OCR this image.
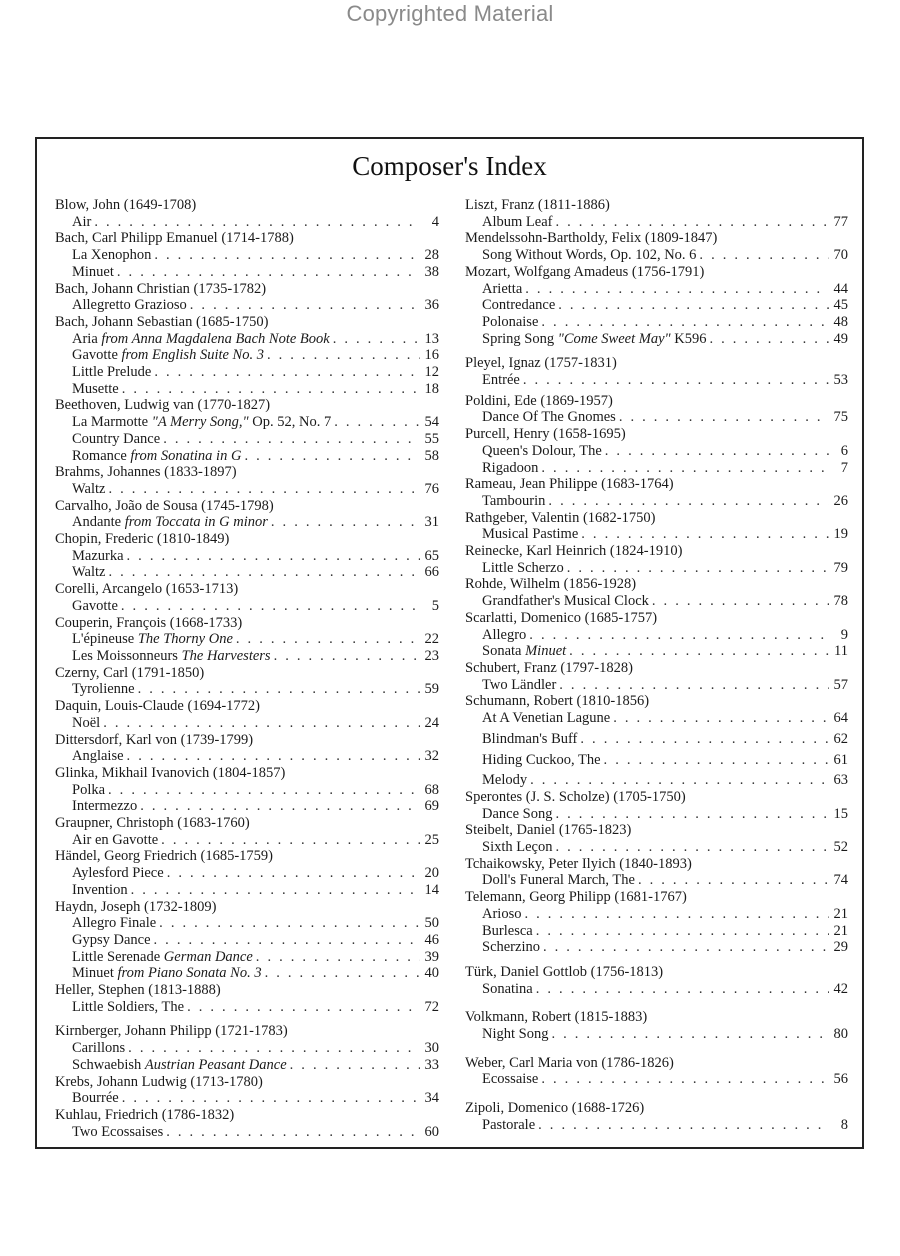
Copyrighted Material
Composer's Index
Blow, John (1649-1708)
Air . . .	4
Bach, Carl Philipp Emanuel (1714-1788)
La Xenophon . . .	28
Minuet . . .	38
Bach, Johann Christian (1735-1782)
Allegretto Grazioso . . .	36
Bach, Johann Sebastian (1685-1750)
Aria from Anna Magdalena Bach Note Book . . .	13
Gavotte from English Suite No. 3 . . .	16
Little Prelude . . .	12
Musette . . .	18
Beethoven, Ludwig van (1770-1827)
La Marmotte "A Merry Song," Op. 52, No. 7 . . .	54
Country Dance . . .	55
Romance from Sonatina in G . . .	58
Brahms, Johannes (1833-1897)
Waltz . . .	76
Carvalho, João de Sousa (1745-1798)
Andante from Toccata in G minor . . .	31
Chopin, Frederic (1810-1849)
Mazurka . . .	65
Waltz . . .	66
Corelli, Arcangelo (1653-1713)
Gavotte . . .	5
Couperin, François (1668-1733)
L'épineuse The Thorny One . . .	22
Les Moissonneurs The Harvesters . . .	23
Czerny, Carl (1791-1850)
Tyrolienne . . .	59
Daquin, Louis-Claude (1694-1772)
Noël . . .	24
Dittersdorf, Karl von (1739-1799)
Anglaise . . .	32
Glinka, Mikhail Ivanovich (1804-1857)
Polka . . .	68
Intermezzo . . .	69
Graupner, Christoph (1683-1760)
Air en Gavotte . . .	25
Händel, Georg Friedrich (1685-1759)
Aylesford Piece . . .	20
Invention . . .	14
Haydn, Joseph (1732-1809)
Allegro Finale . . .	50
Gypsy Dance . . .	46
Little Serenade German Dance . . .	39
Minuet from Piano Sonata No. 3 . . .	40
Heller, Stephen (1813-1888)
Little Soldiers, The . . .	72
Kirnberger, Johann Philipp (1721-1783)
Carillons . . .	30
Schwaebish Austrian Peasant Dance . . .	33
Krebs, Johann Ludwig (1713-1780)
Bourrée . . .	34
Kuhlau, Friedrich (1786-1832)
Two Ecossaises . . .	60
Liszt, Franz (1811-1886)
Album Leaf . . .	77
Mendelssohn-Bartholdy, Felix (1809-1847)
Song Without Words, Op. 102, No. 6 . . .	70
Mozart, Wolfgang Amadeus (1756-1791)
Arietta . . .	44
Contredance . . .	45
Polonaise . . .	48
Spring Song "Come Sweet May" K596 . . .	49
Pleyel, Ignaz (1757-1831)
Entrée . . .	53
Poldini, Ede (1869-1957)
Dance Of The Gnomes . . .	75
Purcell, Henry (1658-1695)
Queen's Dolour, The . . .	6
Rigadoon . . .	7
Rameau, Jean Philippe (1683-1764)
Tambourin . . .	26
Rathgeber, Valentin (1682-1750)
Musical Pastime . . .	19
Reinecke, Karl Heinrich (1824-1910)
Little Scherzo . . .	79
Rohde, Wilhelm (1856-1928)
Grandfather's Musical Clock . . .	78
Scarlatti, Domenico (1685-1757)
Allegro . . .	9
Sonata Minuet . . .	11
Schubert, Franz (1797-1828)
Two Ländler . . .	57
Schumann, Robert (1810-1856)
At A Venetian Lagune . . .	64
Blindman's Buff . . .	62
Hiding Cuckoo, The . . .	61
Melody . . .	63
Sperontes (J. S. Scholze) (1705-1750)
Dance Song . . .	15
Steibelt, Daniel (1765-1823)
Sixth Leçon . . .	52
Tchaikowsky, Peter Ilyich (1840-1893)
Doll's Funeral March, The . . .	74
Telemann, Georg Philipp (1681-1767)
Arioso . . .	21
Burlesca . . .	21
Scherzino . . .	29
Türk, Daniel Gottlob (1756-1813)
Sonatina . . .	42
Volkmann, Robert (1815-1883)
Night Song . . .	80
Weber, Carl Maria von (1786-1826)
Ecossaise . . .	56
Zipoli, Domenico (1688-1726)
Pastorale . . .	8
